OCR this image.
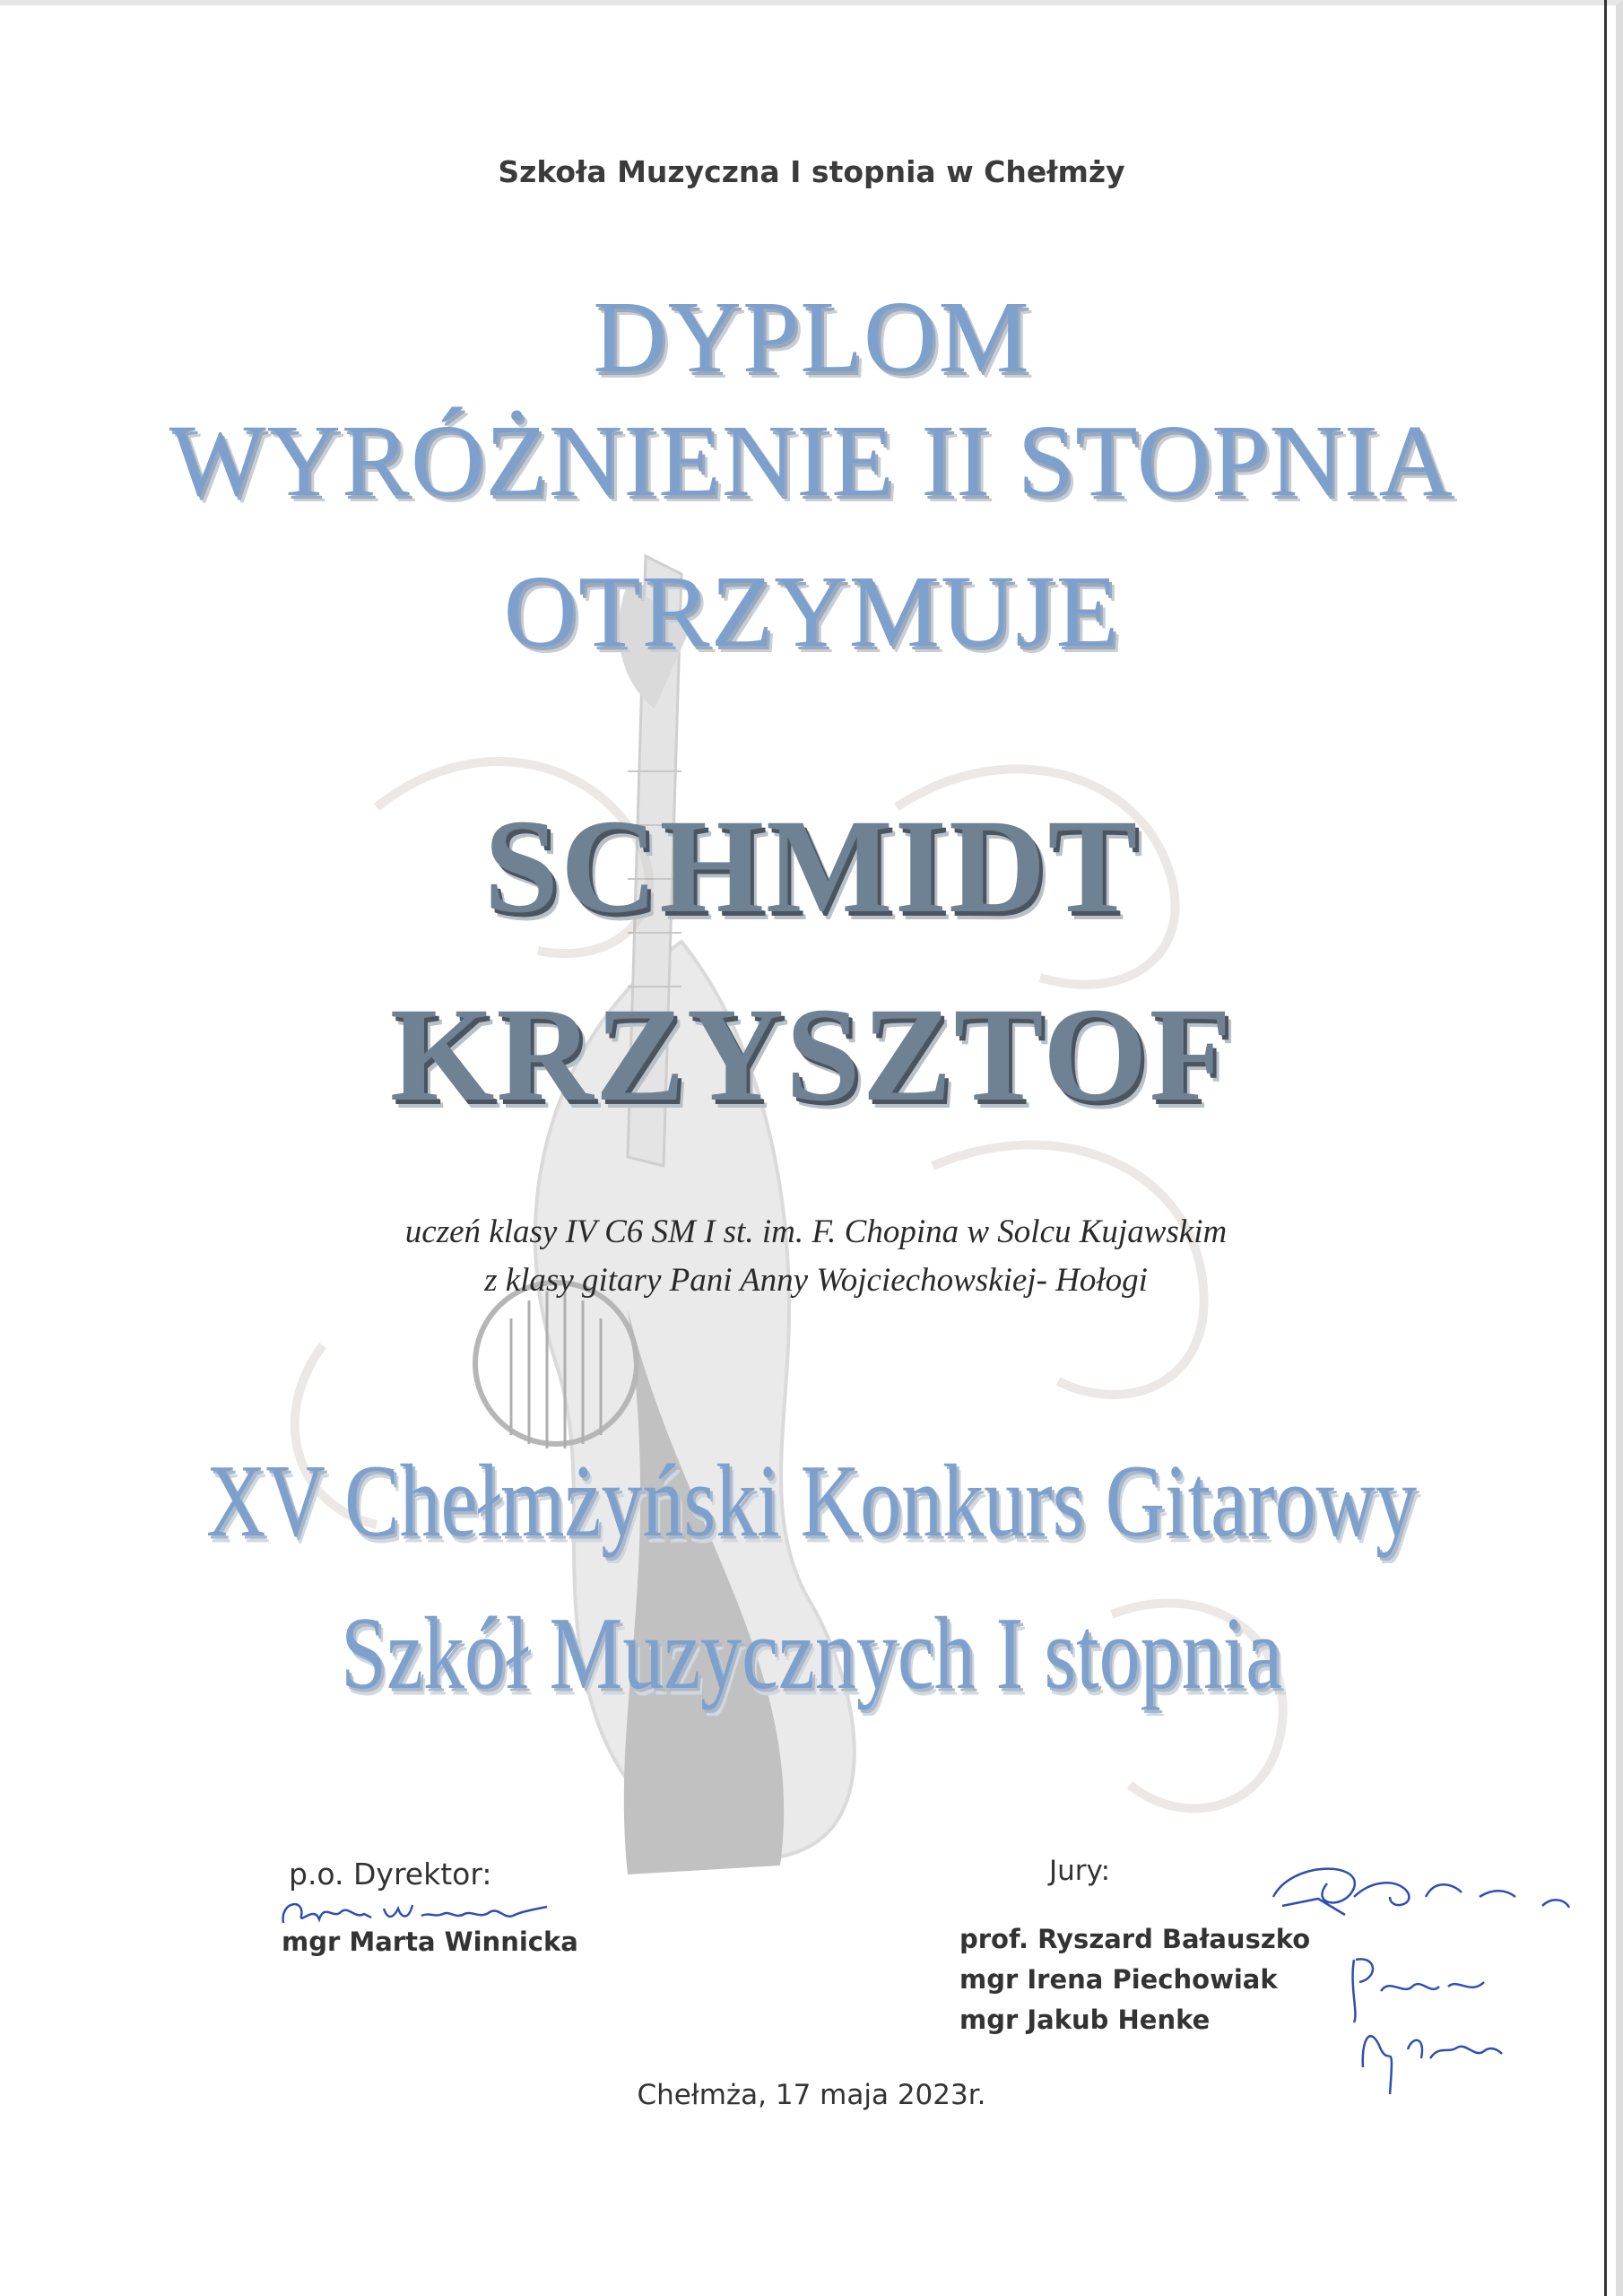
Szkoła Muzyczna I stopnia w Chełmży
DYPLOM
WYRÓŻNIENIE II STOPNIA
OTRZYMUJE
SCHMIDT
KRZYSZTOF
uczeń klasy IV C6 SM I st. im. F. Chopina w Solcu Kujawskim
z klasy gitary Pani Anny Wojciechowskiej- Hołogi
XV Chełmżyński Konkurs Gitarowy
Szkół Muzycznych I stopnia
p.o. Dyrektor:
mgr Marta Winnicka
Jury:
prof. Ryszard Bałauszko
mgr Irena Piechowiak
mgr Jakub Henke
Chełmża, 17 maja 2023r.
